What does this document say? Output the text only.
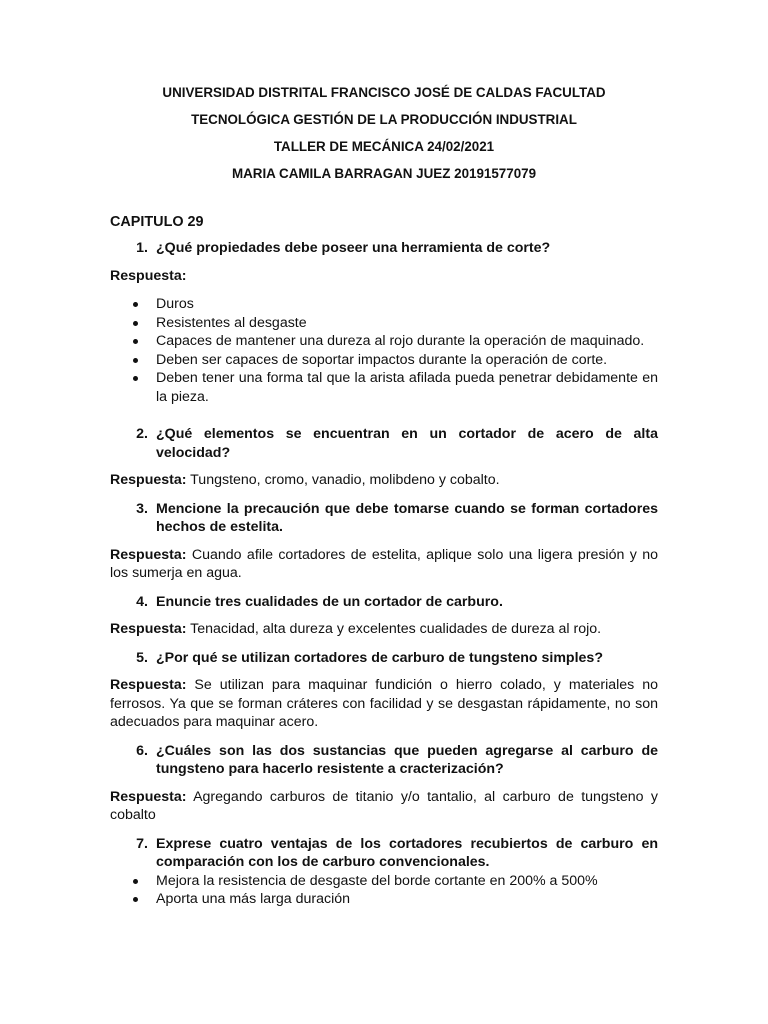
UNIVERSIDAD DISTRITAL FRANCISCO JOSÉ DE CALDAS FACULTAD
TECNOLÓGICA GESTIÓN DE LA PRODUCCIÓN INDUSTRIAL
TALLER DE MECÁNICA 24/02/2021
MARIA CAMILA BARRAGAN JUEZ 20191577079
CAPITULO 29
1. ¿Qué propiedades debe poseer una herramienta de corte?
Respuesta:
Duros
Resistentes al desgaste
Capaces de mantener una dureza al rojo durante la operación de maquinado.
Deben ser capaces de soportar impactos durante la operación de corte.
Deben tener una forma tal que la arista afilada pueda penetrar debidamente en la pieza.
2. ¿Qué elementos se encuentran en un cortador de acero de alta velocidad?
Respuesta: Tungsteno, cromo, vanadio, molibdeno y cobalto.
3. Mencione la precaución que debe tomarse cuando se forman cortadores hechos de estelita.
Respuesta: Cuando afile cortadores de estelita, aplique solo una ligera presión y no los sumerja en agua.
4. Enuncie tres cualidades de un cortador de carburo.
Respuesta: Tenacidad, alta dureza y excelentes cualidades de dureza al rojo.
5. ¿Por qué se utilizan cortadores de carburo de tungsteno simples?
Respuesta: Se utilizan para maquinar fundición o hierro colado, y materiales no ferrosos. Ya que se forman cráteres con facilidad y se desgastan rápidamente, no son adecuados para maquinar acero.
6. ¿Cuáles son las dos sustancias que pueden agregarse al carburo de tungsteno para hacerlo resistente a cracterización?
Respuesta: Agregando carburos de titanio y/o tantalio, al carburo de tungsteno y cobalto
7. Exprese cuatro ventajas de los cortadores recubiertos de carburo en comparación con los de carburo convencionales.
Mejora la resistencia de desgaste del borde cortante en 200% a 500%
Aporta una más larga duración
